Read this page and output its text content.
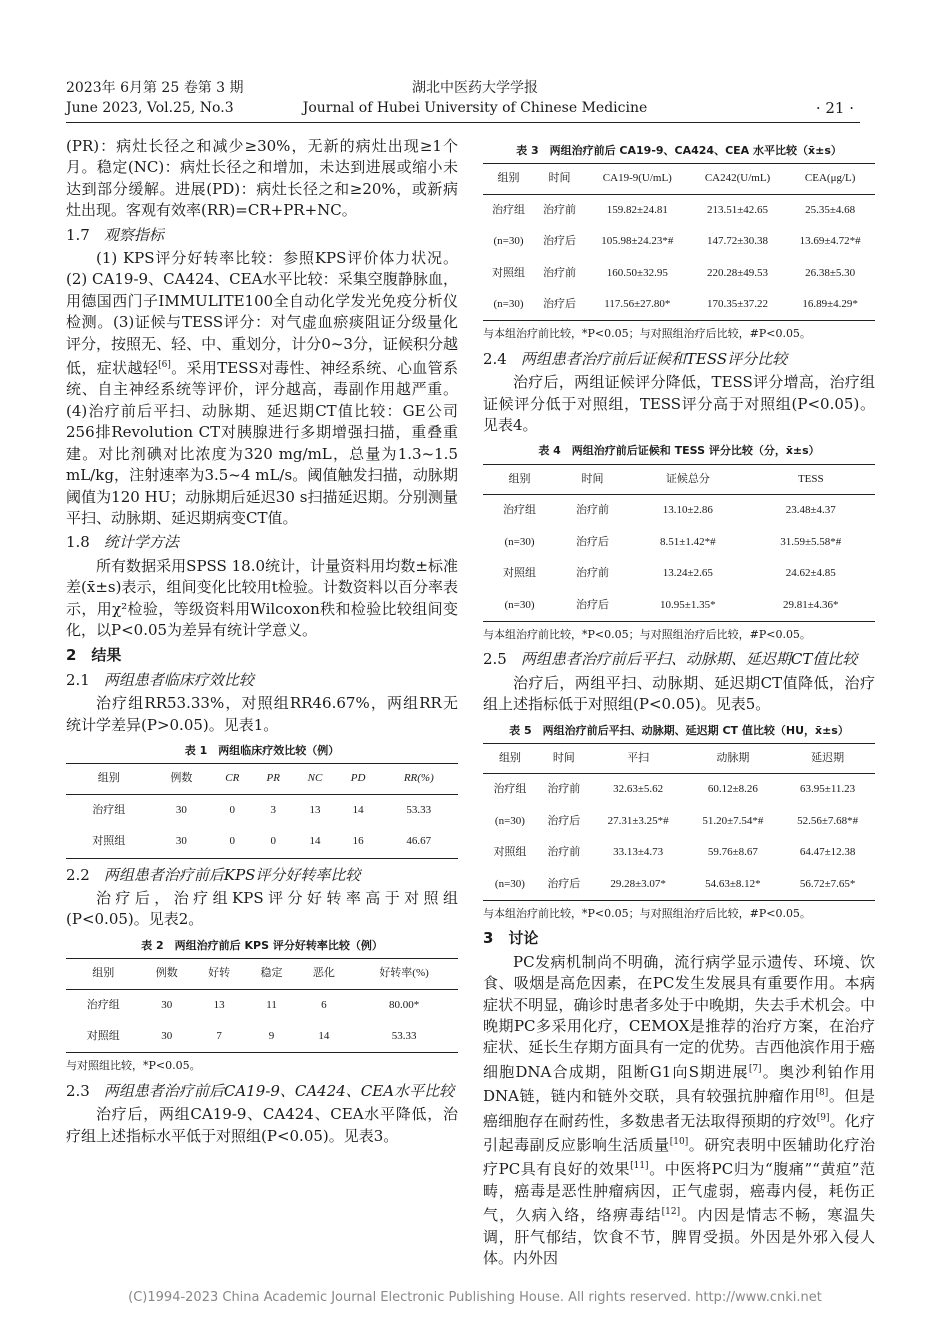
2023年 6月第 25 卷第 3 期
June 2023, Vol.25, No.3
湖北中医药大学学报
Journal of Hubei University of Chinese Medicine	· 21 ·

(PR)：病灶长径之和减少≥30%，无新的病灶出现≥1个月。稳定(NC)：病灶长径之和增加，未达到进展或缩小未达到部分缓解。进展(PD)：病灶长径之和≥20%，或新病灶出现。客观有效率(RR)=CR+PR+NC。

1.7 观察指标

(1) KPS评分好转率比较：参照KPS评价体力状况。(2) CA19-9、CA424、CEA水平比较：采集空腹静脉血，用德国西门子IMMULITE100全自动化学发光免疫分析仪检测。(3)证候与TESS评分：对气虚血瘀痰阻证分级量化评分，按照无、轻、中、重划分，计分0~3分，证候积分越低，症状越轻[6]。采用TESS对毒性、神经系统、心血管系统、自主神经系统等评价，评分越高，毒副作用越严重。(4)治疗前后平扫、动脉期、延迟期CT值比较：GE公司256排Revolution CT对胰腺进行多期增强扫描，重叠重建。对比剂碘对比浓度为320 mg/mL，总量为1.3~1.5 mL/kg，注射速率为3.5~4 mL/s。阈值触发扫描，动脉期阈值为120 HU；动脉期后延迟30 s扫描延迟期。分别测量平扫、动脉期、延迟期病变CT值。

1.8 统计学方法

所有数据采用SPSS 18.0统计，计量资料用均数±标准差(x̄±s)表示，组间变化比较用t检验。计数资料以百分率表示，用χ²检验，等级资料用Wilcoxon秩和检验比较组间变化，以P<0.05为差异有统计学意义。

2　结果
2.1 两组患者临床疗效比较

治疗组RR53.33%，对照组RR46.67%，两组RR无统计学差异(P>0.05)。见表1。

表 1　两组临床疗效比较（例）
组别	例数	CR	PR	NC	PD	RR(%)
治疗组	30	0	3	13	14	53.33
对照组	30	0	0	14	16	46.67
2.2 两组患者治疗前后KPS评分好转率比较

治疗后，治疗组KPS评分好转率高于对照组(P<0.05)。见表2。

表 2　两组治疗前后 KPS 评分好转率比较（例）
组别	例数	好转	稳定	恶化	好转率(%)
治疗组	30	13	11	6	80.00*
对照组	30	7	9	14	53.33
与对照组比较，*P<0.05。
2.3 两组患者治疗前后CA19-9、CA424、CEA水平比较

治疗后，两组CA19-9、CA424、CEA水平降低，治疗组上述指标水平低于对照组(P<0.05)。见表3。

表 3　两组治疗前后 CA19-9、CA424、CEA 水平比较（x̄±s）
组别	时间	CA19-9(U/mL)	CA242(U/mL)	CEA(μg/L)
治疗组	治疗前	159.82±24.81	213.51±42.65	25.35±4.68
(n=30)	治疗后	105.98±24.23*#	147.72±30.38	13.69±4.72*#
对照组	治疗前	160.50±32.95	220.28±49.53	26.38±5.30
(n=30)	治疗后	117.56±27.80*	170.35±37.22	16.89±4.29*
与本组治疗前比较，*P<0.05；与对照组治疗后比较，#P<0.05。
2.4 两组患者治疗前后证候和TESS评分比较

治疗后，两组证候评分降低，TESS评分增高，治疗组证候评分低于对照组，TESS评分高于对照组(P<0.05)。见表4。

表 4　两组治疗前后证候和 TESS 评分比较（分，x̄±s）
组别	时间	证候总分	TESS
治疗组	治疗前	13.10±2.86	23.48±4.37
(n=30)	治疗后	8.51±1.42*#	31.59±5.58*#
对照组	治疗前	13.24±2.65	24.62±4.85
(n=30)	治疗后	10.95±1.35*	29.81±4.36*
与本组治疗前比较，*P<0.05；与对照组治疗后比较，#P<0.05。
2.5 两组患者治疗前后平扫、动脉期、延迟期CT值比较

治疗后，两组平扫、动脉期、延迟期CT值降低，治疗组上述指标低于对照组(P<0.05)。见表5。

表 5　两组治疗前后平扫、动脉期、延迟期 CT 值比较（HU，x̄±s）
组别	时间	平扫	动脉期	延迟期
治疗组	治疗前	32.63±5.62	60.12±8.26	63.95±11.23
(n=30)	治疗后	27.31±3.25*#	51.20±7.54*#	52.56±7.68*#
对照组	治疗前	33.13±4.73	59.76±8.67	64.47±12.38
(n=30)	治疗后	29.28±3.07*	54.63±8.12*	56.72±7.65*
与本组治疗前比较，*P<0.05；与对照组治疗后比较，#P<0.05。
3　讨论

PC发病机制尚不明确，流行病学显示遗传、环境、饮食、吸烟是高危因素，在PC发生发展具有重要作用。本病症状不明显，确诊时患者多处于中晚期，失去手术机会。中晚期PC多采用化疗，CEMOX是推荐的治疗方案，在治疗症状、延长生存期方面具有一定的优势。吉西他滨作用于癌细胞DNA合成期，阻断G1向S期进展[7]。奥沙利铂作用DNA链，链内和链外交联，具有较强抗肿瘤作用[8]。但是癌细胞存在耐药性，多数患者无法取得预期的疗效[9]。化疗引起毒副反应影响生活质量[10]。研究表明中医辅助化疗治疗PC具有良好的效果[11]。中医将PC归为“腹痛”“黄疸”范畴，癌毒是恶性肿瘤病因，正气虚弱，癌毒内侵，耗伤正气，久病入络，络痹毒结[12]。内因是情志不畅，寒温失调，肝气郁结，饮食不节，脾胃受损。外因是外邪入侵人体。内外因

(C)1994-2023 China Academic Journal Electronic Publishing House. All rights reserved. http://www.cnki.net
